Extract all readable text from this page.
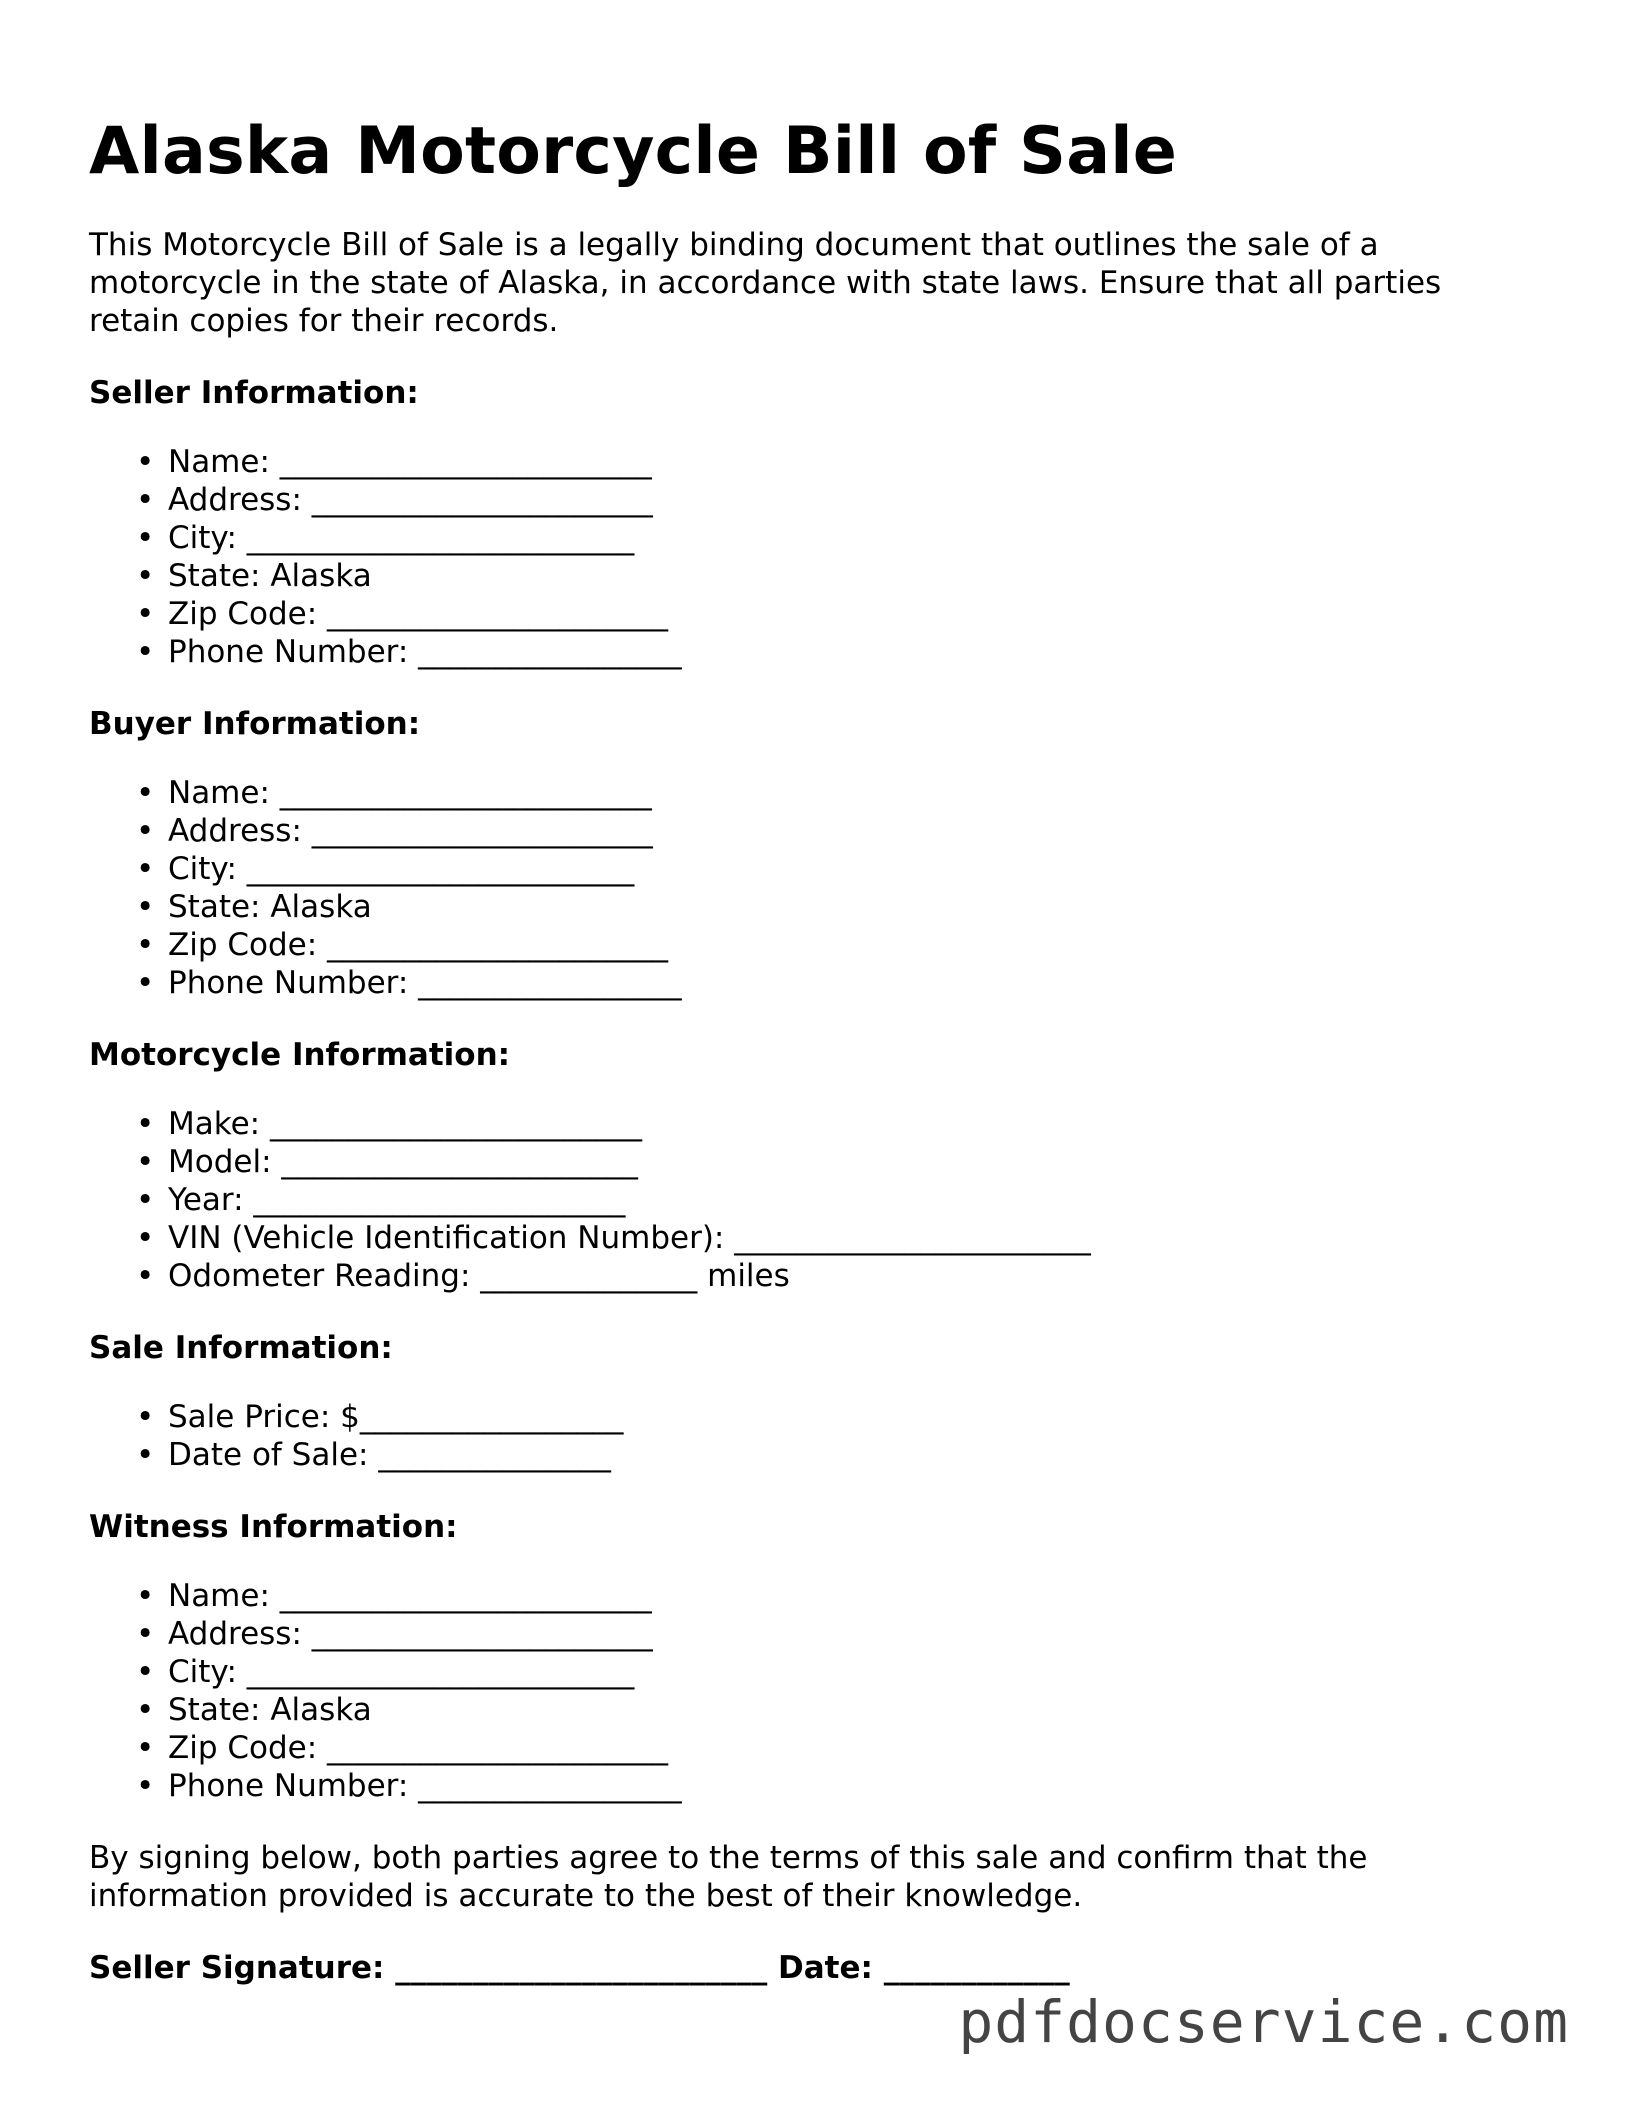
Alaska Motorcycle Bill of Sale

This Motorcycle Bill of Sale is a legally binding document that outlines the sale of a motorcycle in the state of Alaska, in accordance with state laws. Ensure that all parties retain copies for their records.

Seller Information:
• Name: ________________________
• Address: ______________________
• City: _________________________
• State: Alaska
• Zip Code: ______________________
• Phone Number: _________________
Buyer Information:
• Name: ________________________
• Address: ______________________
• City: _________________________
• State: Alaska
• Zip Code: ______________________
• Phone Number: _________________
Motorcycle Information:
• Make: ________________________
• Model: _______________________
• Year: ________________________
• VIN (Vehicle Identification Number): _______________________
• Odometer Reading: ______________ miles
Sale Information:
• Sale Price: $_________________
• Date of Sale: _______________
Witness Information:
• Name: ________________________
• Address: ______________________
• City: _________________________
• State: Alaska
• Zip Code: ______________________
• Phone Number: _________________

By signing below, both parties agree to the terms of this sale and confirm that the information provided is accurate to the best of their knowledge.

Seller Signature: ________________________ Date: ____________
pdfdocservice.com
